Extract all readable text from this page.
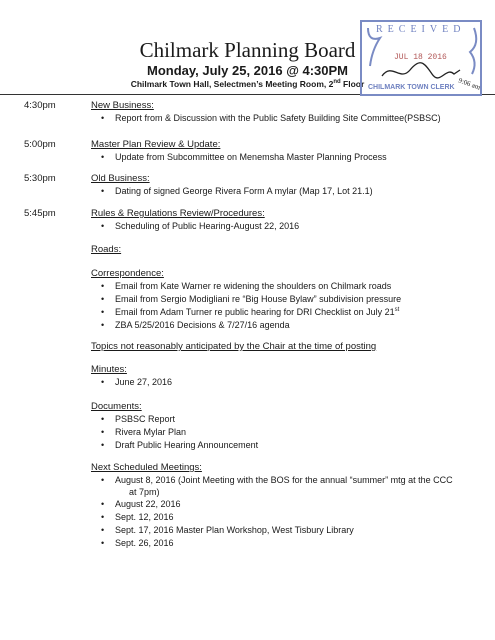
Chilmark Planning Board
Monday, July 25, 2016 @ 4:30PM
Chilmark Town Hall, Selectmen’s Meeting Room, 2nd Floor	9:06 am
RECEIVED
JUL 18 2016
CHILMARK TOWN CLERK
4:30pm	New Business:
• Report from & Discussion with the Public Safety Building Site Committee(PSBSC)
5:00pm	Master Plan Review & Update:
• Update from Subcommittee on Menemsha Master Planning Process
5:30pm	Old Business:
• Dating of signed George Rivera Form A mylar (Map 17, Lot 21.1)
5:45pm	Rules & Regulations Review/Procedures:
• Scheduling of Public Hearing-August 22, 2016
Roads:
Correspondence:
• Email from Kate Warner re widening the shoulders on Chilmark roads
• Email from Sergio Modigliani re “Big House Bylaw” subdivision pressure
• Email from Adam Turner re public hearing for DRI Checklist on July 21st
• ZBA 5/25/2016 Decisions & 7/27/16 agenda
Topics not reasonably anticipated by the Chair at the time of posting
Minutes:
• June 27, 2016
Documents:
• PSBSC Report
• Rivera Mylar Plan
• Draft Public Hearing Announcement
Next Scheduled Meetings:
• August 8, 2016 (Joint Meeting with the BOS for the annual “summer” mtg at the CCC
at 7pm)
• August 22, 2016
• Sept. 12, 2016
• Sept. 17, 2016 Master Plan Workshop, West Tisbury Library
• Sept. 26, 2016
